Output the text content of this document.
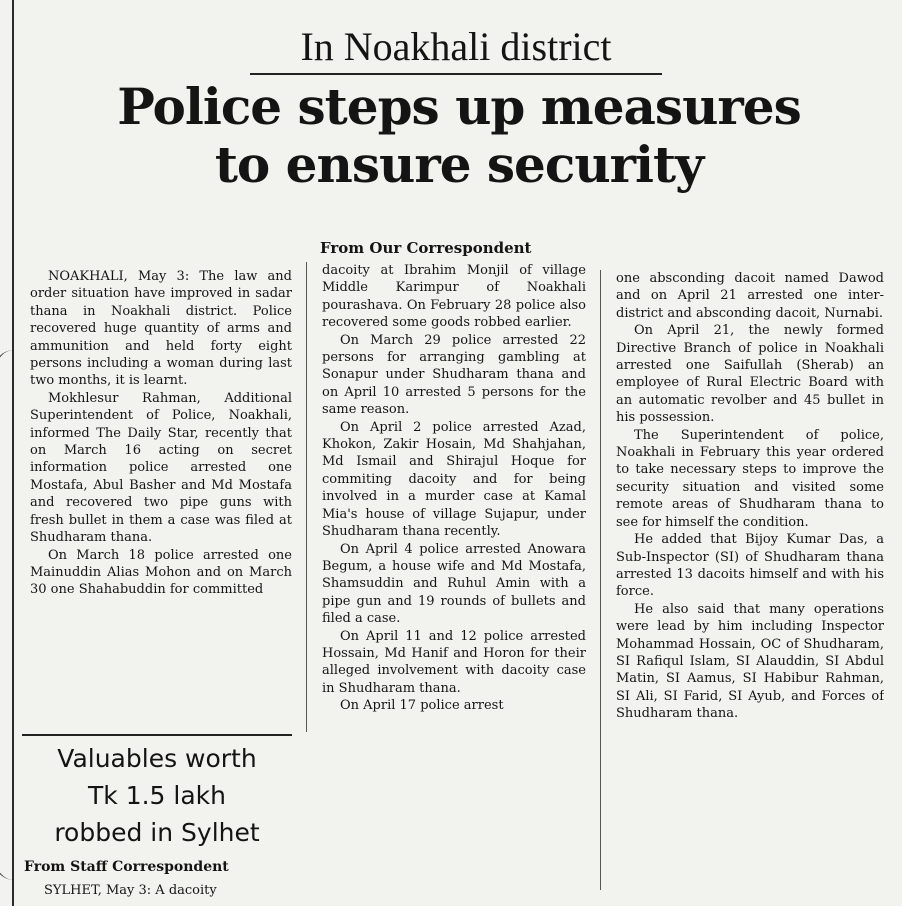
In Noakhali district
Police steps up measures
to ensure security
From Our Correspondent

NOAKHALI, May 3: The law and order situation have improved in sadar thana in Noakhali district. Police recovered huge quantity of arms and ammunition and held forty eight persons including a woman during last two months, it is learnt.

Mokhlesur Rahman, Additional Superintendent of Police, Noakhali, informed The Daily Star, recently that on March 16 acting on secret information police arrested one Mostafa, Abul Basher and Md Mostafa and recovered two pipe guns with fresh bullet in them a case was filed at Shudharam thana.

On March 18 police arrested one Mainuddin Alias Mohon and on March 30 one Shahabuddin for committed

dacoity at Ibrahim Monjil of village Middle Karimpur of Noakhali pourashava. On February 28 police also recovered some goods robbed earlier.

On March 29 police arrested 22 persons for arranging gambling at Sonapur under Shudharam thana and on April 10 arrested 5 persons for the same reason.

On April 2 police arrested Azad, Khokon, Zakir Hosain, Md Shahjahan, Md Ismail and Shirajul Hoque for commiting dacoity and for being involved in a murder case at Kamal Mia's house of village Sujapur, under Shudharam thana recently.

On April 4 police arrested Anowara Begum, a house wife and Md Mostafa, Shamsuddin and Ruhul Amin with a pipe gun and 19 rounds of bullets and filed a case.

On April 11 and 12 police arrested Hossain, Md Hanif and Horon for their alleged involvement with dacoity case in Shudharam thana.

On April 17 police arrest

one absconding dacoit named Dawod and on April 21 arrested one inter-district and absconding dacoit, Nurnabi.

On April 21, the newly formed Directive Branch of police in Noakhali arrested one Saifullah (Sherab) an employee of Rural Electric Board with an automatic revolber and 45 bullet in his possession.

The Superintendent of police, Noakhali in February this year ordered to take necessary steps to improve the security situation and visited some remote areas of Shudharam thana to see for himself the condition.

He added that Bijoy Kumar Das, a Sub-Inspector (SI) of Shudharam thana arrested 13 dacoits himself and with his force.

He also said that many operations were lead by him including Inspector Mohammad Hossain, OC of Shudharam, SI Rafiqul Islam, SI Alauddin, SI Abdul Matin, SI Aamus, SI Habibur Rahman, SI Ali, SI Farid, SI Ayub, and Forces of Shudharam thana.

Valuables worth
Tk 1.5 lakh
robbed in Sylhet
From Staff Correspondent
SYLHET, May 3: A dacoity
